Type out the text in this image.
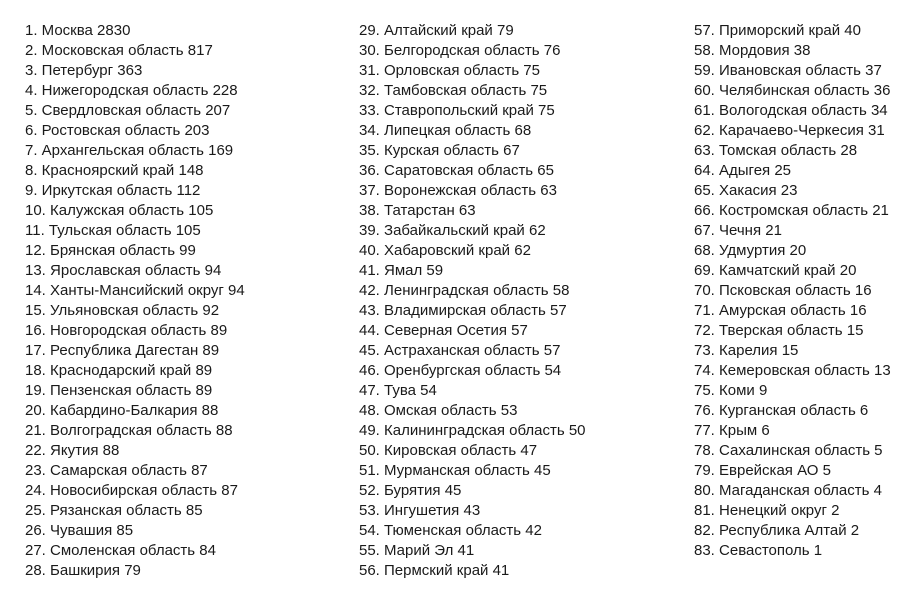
1. Москва 2830
2. Московская область 817
3. Петербург 363
4. Нижегородская область 228
5. Свердловская область 207
6. Ростовская область 203
7. Архангельская область 169
8. Красноярский край 148
9. Иркутская область 112
10. Калужская область 105
11. Тульская область 105
12. Брянская область 99
13. Ярославская область 94
14. Ханты-Мансийский округ 94
15. Ульяновская область 92
16. Новгородская область 89
17. Республика Дагестан 89
18. Краснодарский край 89
19. Пензенская область 89
20. Кабардино-Балкария 88
21. Волгоградская область 88
22. Якутия 88
23. Самарская область 87
24. Новосибирская область 87
25. Рязанская область 85
26. Чувашия 85
27. Смоленская область 84
28. Башкирия 79
29. Алтайский край 79
30. Белгородская область 76
31. Орловская область 75
32. Тамбовская область 75
33. Ставропольский край 75
34. Липецкая область 68
35. Курская область 67
36. Саратовская область 65
37. Воронежская область 63
38. Татарстан 63
39. Забайкальский край 62
40. Хабаровский край 62
41. Ямал 59
42. Ленинградская область 58
43. Владимирская область 57
44. Северная Осетия 57
45. Астраханская область 57
46. Оренбургская область 54
47. Тува 54
48. Омская область 53
49. Калининградская область 50
50. Кировская область 47
51. Мурманская область 45
52. Бурятия 45
53. Ингушетия 43
54. Тюменская область 42
55. Марий Эл 41
56. Пермский край 41
57. Приморский край 40
58. Мордовия 38
59. Ивановская область 37
60. Челябинская область 36
61. Вологодская область 34
62. Карачаево-Черкесия 31
63. Томская область 28
64. Адыгея 25
65. Хакасия 23
66. Костромская область 21
67. Чечня 21
68. Удмуртия 20
69. Камчатский край 20
70. Псковская область 16
71. Амурская область 16
72. Тверская область 15
73. Карелия 15
74. Кемеровская область 13
75. Коми 9
76. Курганская область 6
77. Крым 6
78. Сахалинская область 5
79. Еврейская АО 5
80. Магаданская область 4
81. Ненецкий округ 2
82. Республика Алтай 2
83. Севастополь 1
